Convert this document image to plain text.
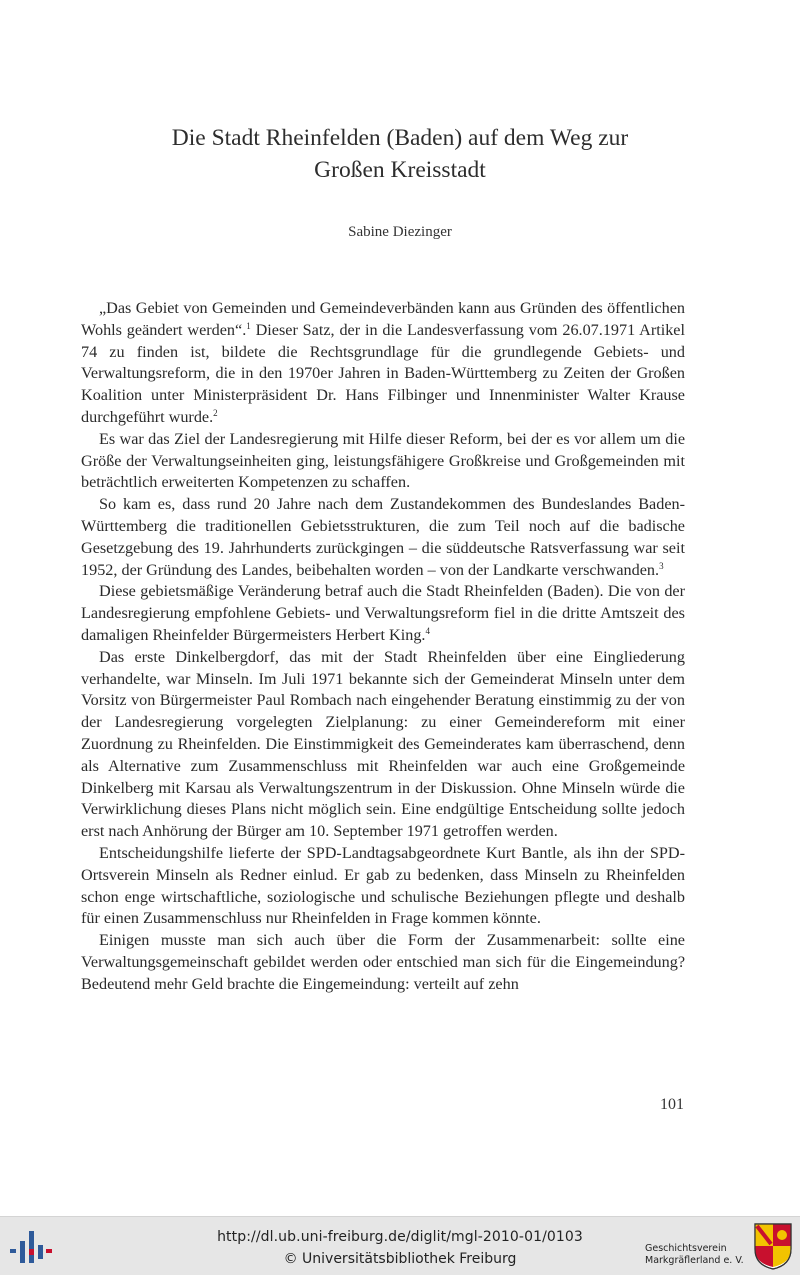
Die Stadt Rheinfelden (Baden) auf dem Weg zur
Großen Kreisstadt
Sabine Diezinger

„Das Gebiet von Gemeinden und Gemeindeverbänden kann aus Gründen des öffentlichen Wohls geändert werden“.$^1$ Dieser Satz, der in die Landesverfassung vom 26.07.1971 Artikel 74 zu finden ist, bildete die Rechtsgrundlage für die grundlegende Gebiets- und Verwaltungsreform, die in den 1970er Jahren in Baden-Württemberg zu Zeiten der Großen Koalition unter Ministerpräsident Dr. Hans Filbinger und Innenminister Walter Krause durchgeführt wurde.$^2$

Es war das Ziel der Landesregierung mit Hilfe dieser Reform, bei der es vor allem um die Größe der Verwaltungseinheiten ging, leistungsfähigere Großkreise und Großgemeinden mit beträchtlich erweiterten Kompetenzen zu schaffen.

So kam es, dass rund 20 Jahre nach dem Zustandekommen des Bundeslandes Baden-Württemberg die traditionellen Gebietsstrukturen, die zum Teil noch auf die badische Gesetzgebung des 19. Jahrhunderts zurückgingen – die süddeutsche Ratsverfassung war seit 1952, der Gründung des Landes, beibehalten worden – von der Landkarte verschwanden.$^3$

Diese gebietsmäßige Veränderung betraf auch die Stadt Rheinfelden (Baden). Die von der Landesregierung empfohlene Gebiets- und Verwaltungsreform fiel in die dritte Amtszeit des damaligen Rheinfelder Bürgermeisters Herbert King.$^4$

Das erste Dinkelbergdorf, das mit der Stadt Rheinfelden über eine Eingliederung verhandelte, war Minseln. Im Juli 1971 bekannte sich der Gemeinderat Minseln unter dem Vorsitz von Bürgermeister Paul Rombach nach eingehender Beratung einstimmig zu der von der Landesregierung vorgelegten Zielplanung: zu einer Gemeindereform mit einer Zuordnung zu Rheinfelden. Die Einstimmigkeit des Gemeinderates kam überraschend, denn als Alternative zum Zusammenschluss mit Rheinfelden war auch eine Großgemeinde Dinkelberg mit Karsau als Verwaltungszentrum in der Diskussion. Ohne Minseln würde die Verwirklichung dieses Plans nicht möglich sein. Eine endgültige Entscheidung sollte jedoch erst nach Anhörung der Bürger am 10. September 1971 getroffen werden.

Entscheidungshilfe lieferte der SPD-Landtagsabgeordnete Kurt Bantle, als ihn der SPD-Ortsverein Minseln als Redner einlud. Er gab zu bedenken, dass Minseln zu Rheinfelden schon enge wirtschaftliche, soziologische und schulische Beziehungen pflegte und deshalb für einen Zusammenschluss nur Rheinfelden in Frage kommen könnte.

Einigen musste man sich auch über die Form der Zusammenarbeit: sollte eine Verwaltungsgemeinschaft gebildet werden oder entschied man sich für die Eingemeindung? Bedeutend mehr Geld brachte die Eingemeindung: verteilt auf zehn

101
http://dl.ub.uni-freiburg.de/diglit/mgl-2010-01/0103
© Universitätsbibliothek Freiburg
Geschichtsverein
Markgräflerland e. V.
